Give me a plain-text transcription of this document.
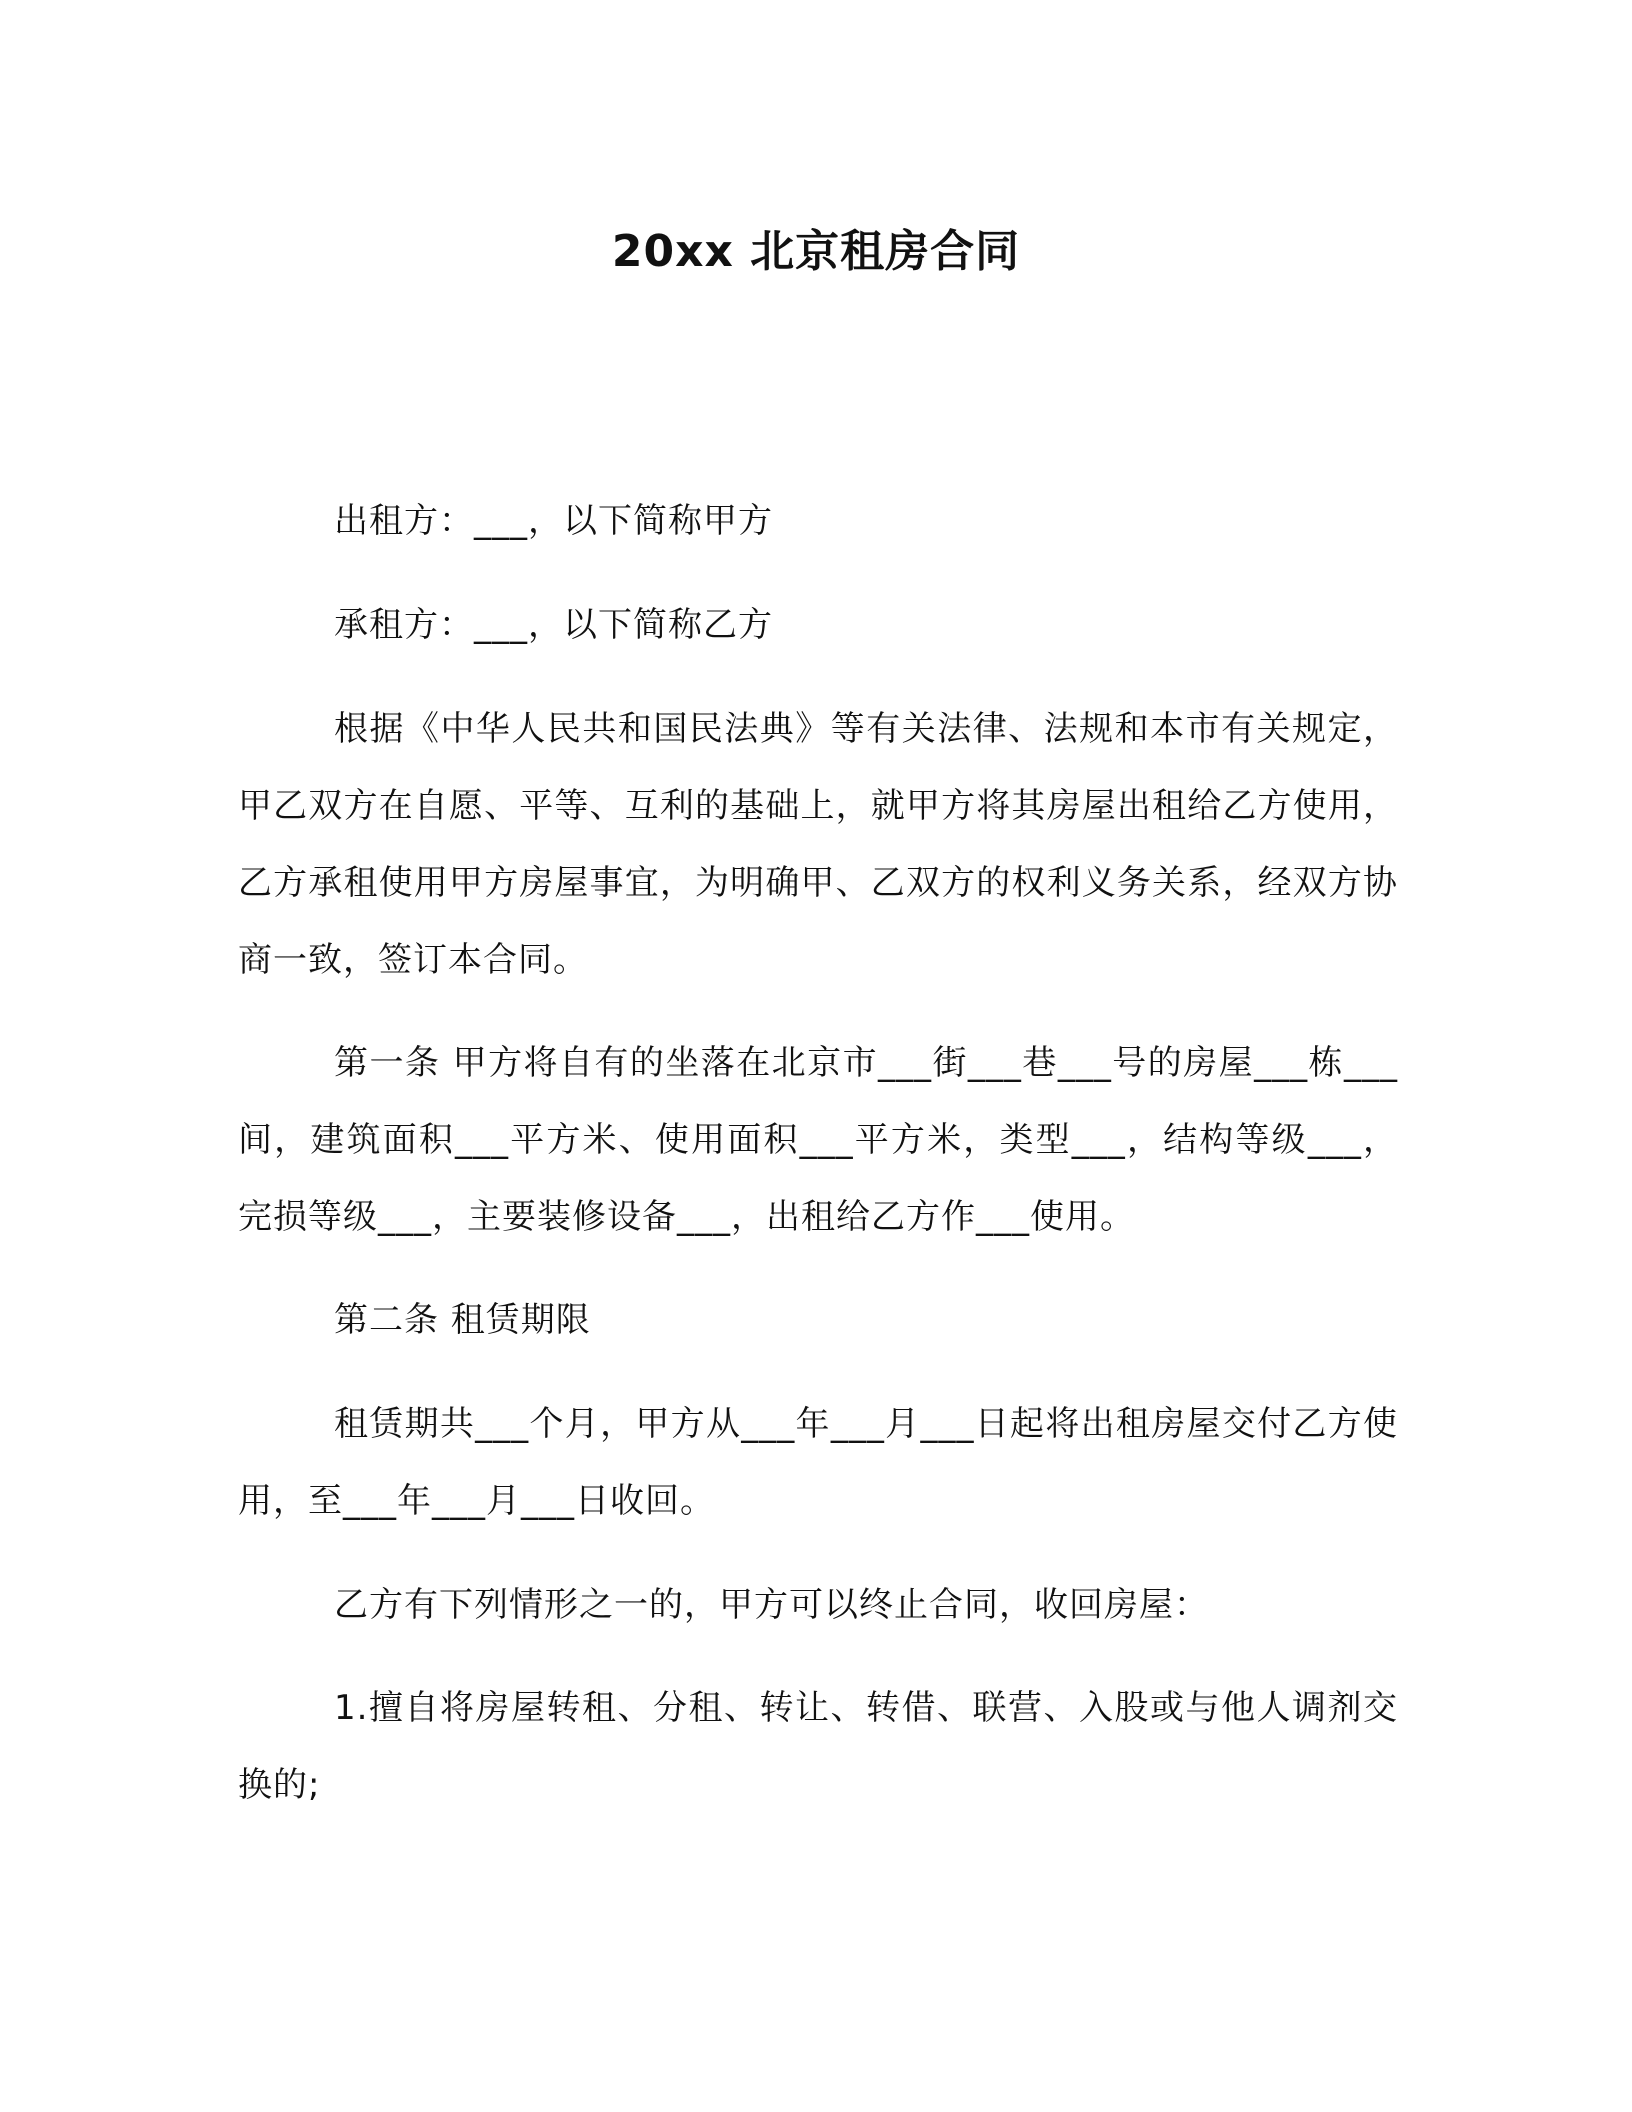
20xx 北京租房合同

出租方：___，以下简称甲方

承租方：___，以下简称乙方

根据《中华人民共和国民法典》等有关法律、法规和本市有关规定，甲乙双方在自愿、平等、互利的基础上，就甲方将其房屋出租给乙方使用，乙方承租使用甲方房屋事宜，为明确甲、乙双方的权利义务关系，经双方协商一致，签订本合同。

第一条 甲方将自有的坐落在北京市___街___巷___号的房屋___栋___间，建筑面积___平方米、使用面积___平方米，类型___，结构等级___，完损等级___，主要装修设备___，出租给乙方作___使用。

第二条 租赁期限

租赁期共___个月，甲方从___年___月___日起将出租房屋交付乙方使用，至___年___月___日收回。

乙方有下列情形之一的，甲方可以终止合同，收回房屋：

1.擅自将房屋转租、分租、转让、转借、联营、入股或与他人调剂交换的;
